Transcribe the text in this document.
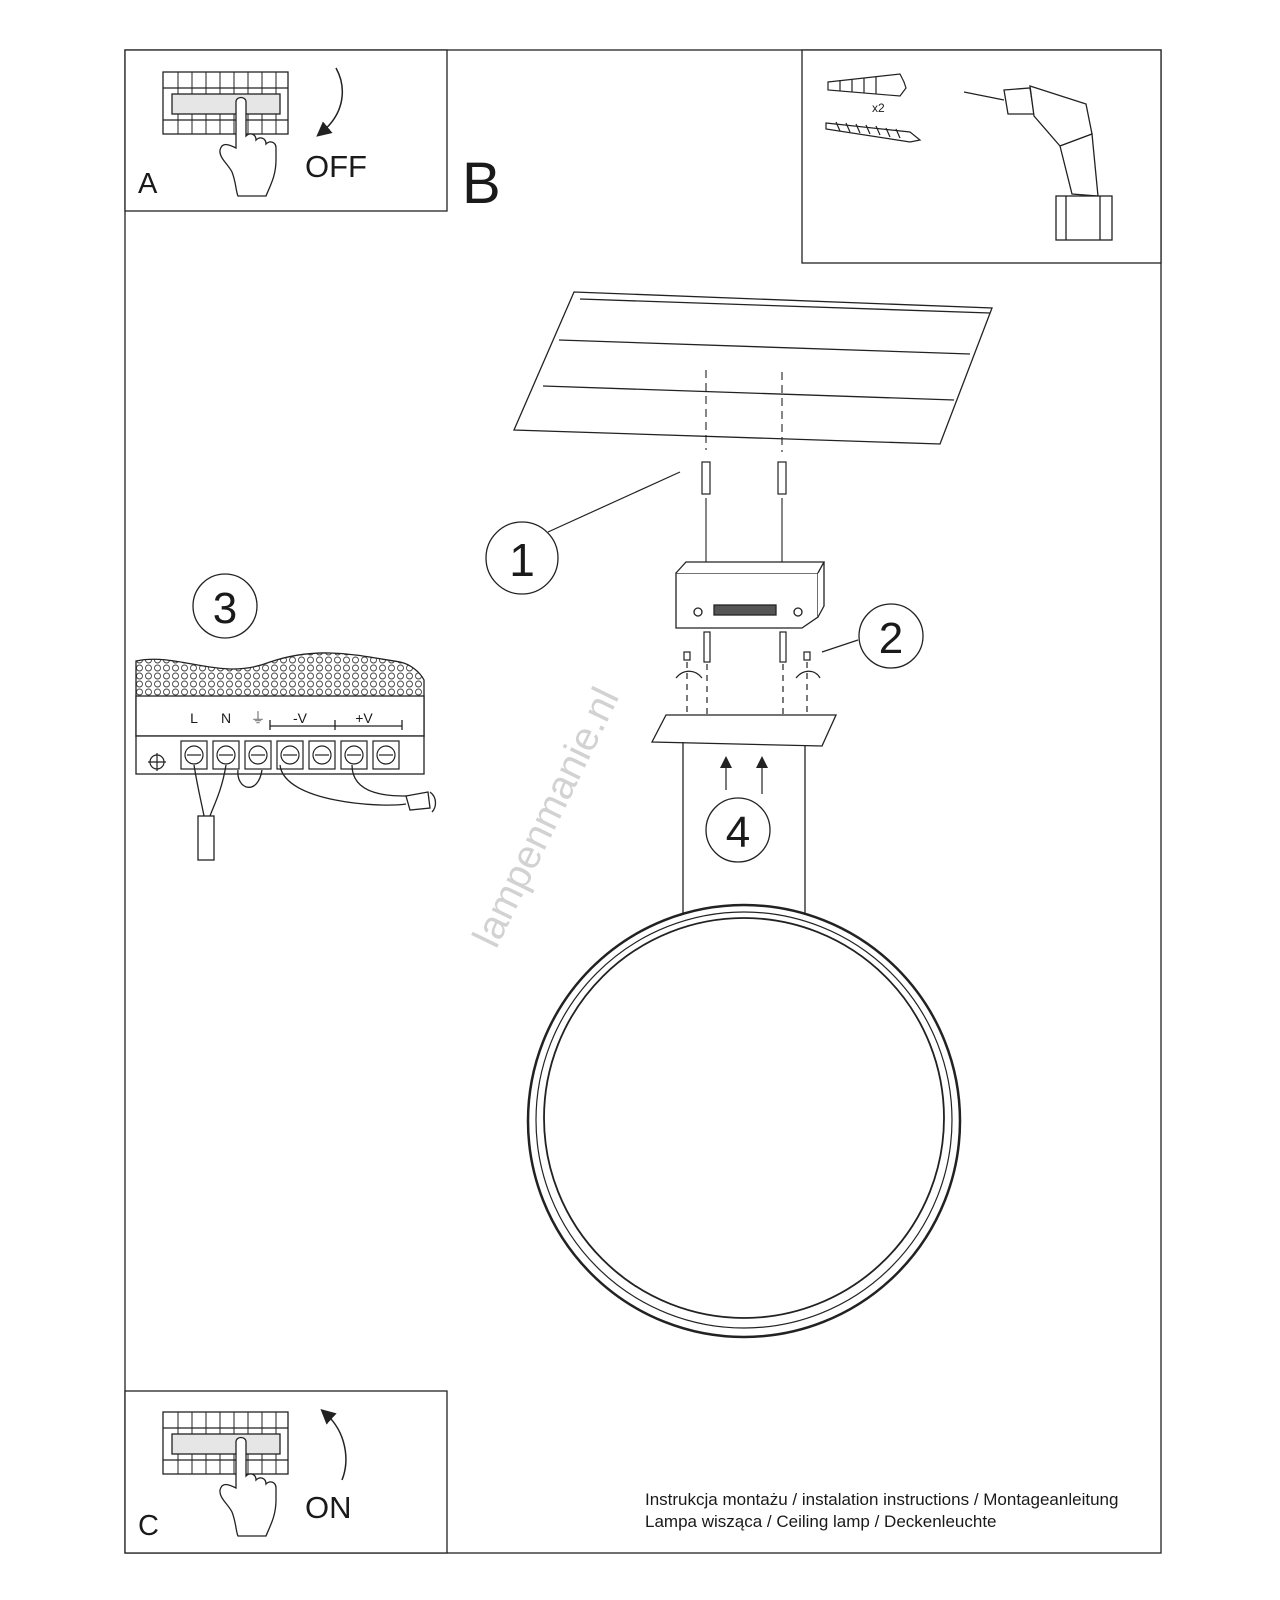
A	OFF B
x2
1
2
4
3
L N ⏚ -V	+V lampenmanie.nl
C
ON	Instrukcja montażu / instalation instructions / Montageanleitung
Lampa wisząca / Ceiling lamp / Deckenleuchte
